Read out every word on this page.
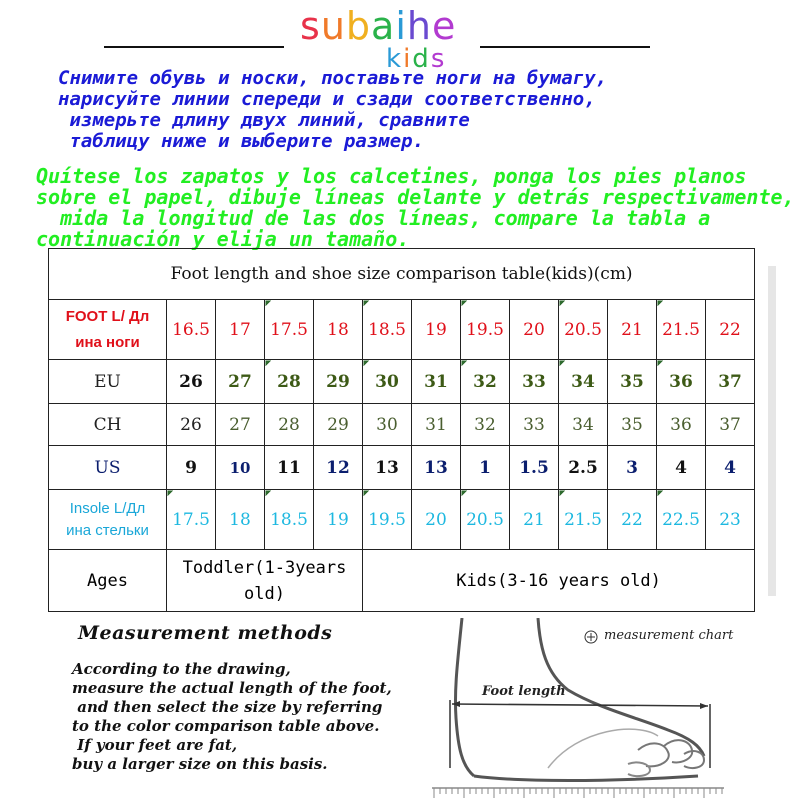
subaihe
kids
Снимите обувь и носки, поставьте ноги на бумагу,
нарисуйте линии спереди и сзади соответственно,
измерьте длину двух линий, сравните
таблицу ниже и выберите размер.
Quítese los zapatos y los calcetines, ponga los pies planos
sobre el papel, dibuje líneas delante y detrás respectivamente,
mida la longitud de las dos líneas, compare la tabla a
continuación y elija un tamaño.
Foot length and shoe size comparison table(kids)(cm)												
FOOT L/ Дл
ина ноги	16.5	17	17.5	18	18.5	19	19.5	20	20.5	21	21.5	22
EU	26	27	28	29	30	31	32	33	34	35	36	37
CH	26	27	28	29	30	31	32	33	34	35	36	37
US	9	10	11	12	13	13	1	1.5	2.5	3	4	4
Insole L/Дл
ина стельки	17.5	18	18.5	19	19.5	20	20.5	21	21.5	22	22.5	23
Ages	Toddler(1-3years
old)				Kids(3-16 years old)							
Measurement methods
According to the drawing,
measure the actual length of the foot,
and then select the size by referring
to the color comparison table above.
If your feet are fat,
buy a larger size on this basis.
measurement chart
Foot length
